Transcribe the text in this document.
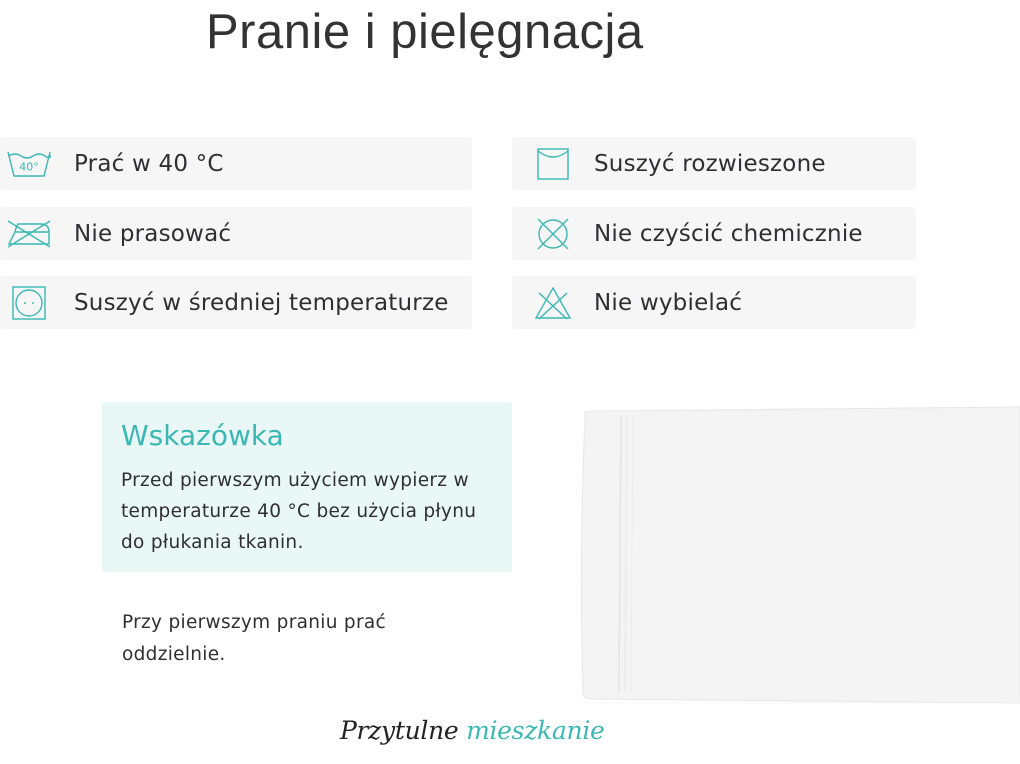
Pranie i pielęgnacja
40° Prać w 40 °C
Nie prasować
Suszyć w średniej temperaturze
Suszyć rozwieszone
Nie czyścić chemicznie
Nie wybielać
Wskazówka

Przed pierwszym użyciem wypierz w temperaturze 40 °C bez użycia płynu do płukania tkanin.

Przy pierwszym praniu prać oddzielnie.

Przytulne mieszkanie
